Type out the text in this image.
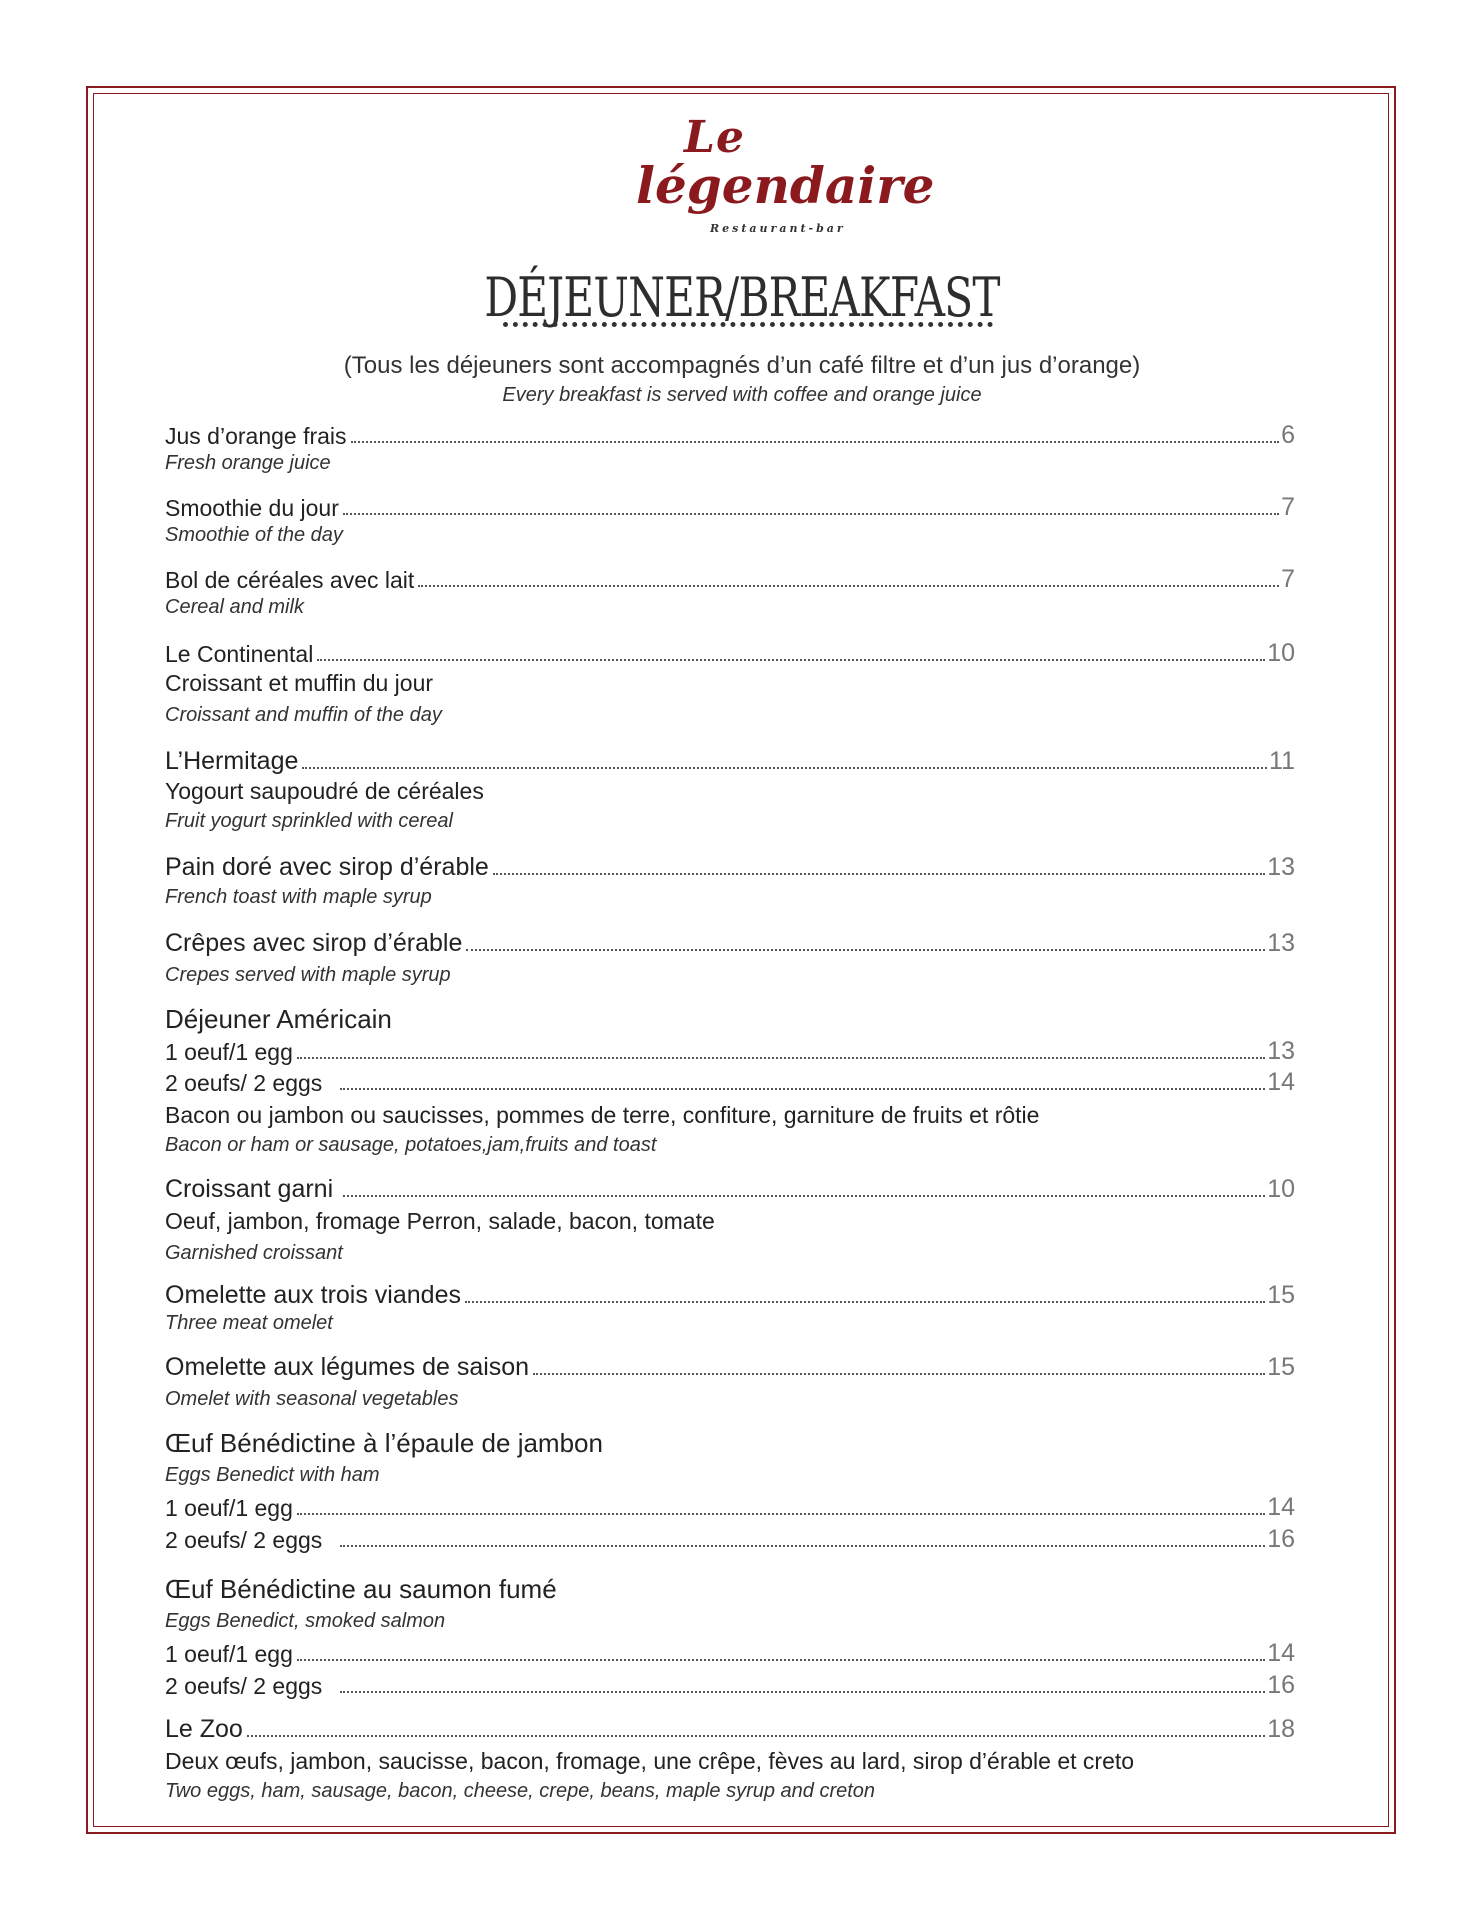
Le
légendaire
Restaurant-bar
DÉJEUNER/BREAKFAST
(Tous les déjeuners sont accompagnés d’un café filtre et d’un jus d’orange)
Every breakfast is served with coffee and orange juice
Jus d’orange frais	6
Fresh orange juice
Smoothie du jour	7
Smoothie of the day
Bol de céréales avec lait	7
Cereal and milk
Le Continental	10
Croissant et muffin du jour
Croissant and muffin of the day
L’Hermitage	11
Yogourt saupoudré de céréales
Fruit yogurt sprinkled with cereal
Pain doré avec sirop d’érable	13
French toast with maple syrup
Crêpes avec sirop d’érable	13
Crepes served with maple syrup
Déjeuner Américain
1 oeuf/1 egg	13
2 oeufs/ 2 eggs	14
Bacon ou jambon ou saucisses, pommes de terre, confiture, garniture de fruits et rôtie
Bacon or ham or sausage, potatoes,jam,fruits and toast
Croissant garni	10
Oeuf, jambon, fromage Perron, salade, bacon, tomate
Garnished croissant
Omelette aux trois viandes	15
Three meat omelet
Omelette aux légumes de saison	15
Omelet with seasonal vegetables
Œuf Bénédictine à l’épaule de jambon
Eggs Benedict with ham
1 oeuf/1 egg	14
2 oeufs/ 2 eggs	16
Œuf Bénédictine au saumon fumé
Eggs Benedict, smoked salmon
1 oeuf/1 egg	14
2 oeufs/ 2 eggs	16
Le Zoo	18
Deux œufs, jambon, saucisse, bacon, fromage, une crêpe, fèves au lard, sirop d’érable et creto
Two eggs, ham, sausage, bacon, cheese, crepe, beans, maple syrup and creton
